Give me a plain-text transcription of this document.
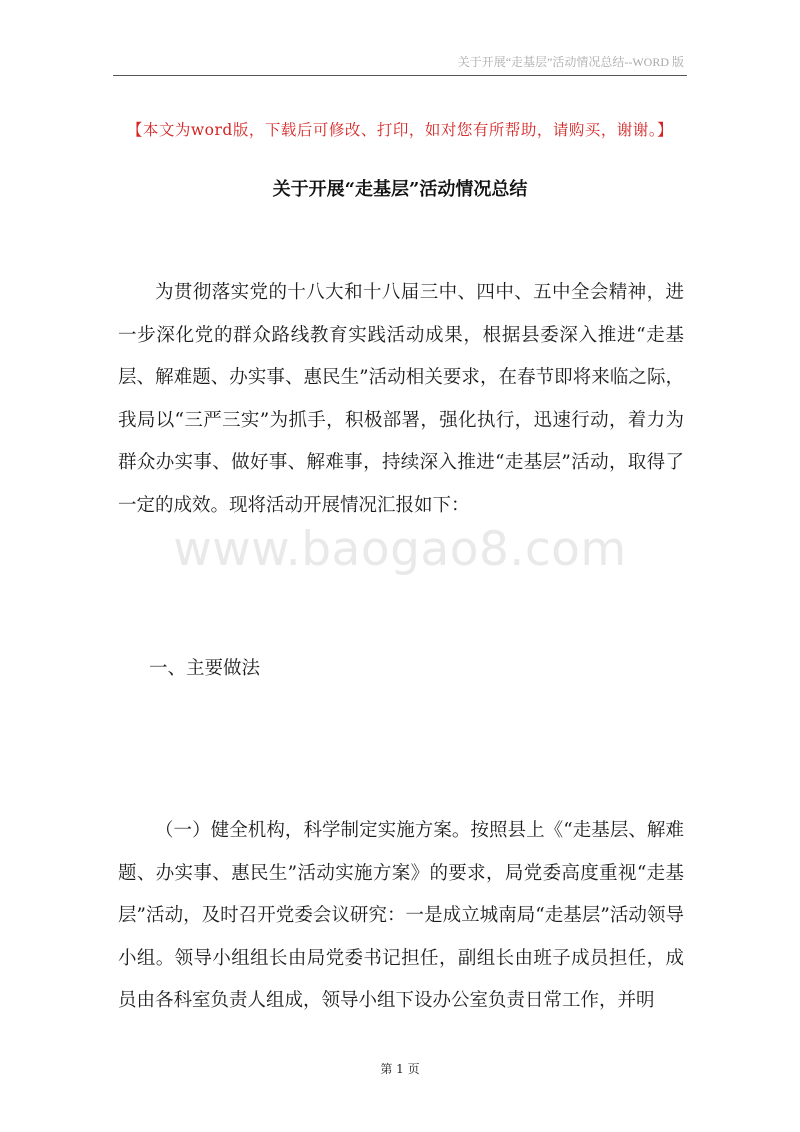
关于开展“走基层”活动情况总结--WORD 版
【本文为word版，下载后可修改、打印，如对您有所帮助，请购买，谢谢。】
关于开展“走基层”活动情况总结

为贯彻落实党的十八大和十八届三中、四中、五中全会精神，进一步深化党的群众路线教育实践活动成果，根据县委深入推进“走基层、解难题、办实事、惠民生”活动相关要求，在春节即将来临之际，我局以“三严三实”为抓手，积极部署，强化执行，迅速行动，着力为群众办实事、做好事、解难事，持续深入推进“走基层”活动，取得了一定的成效。现将活动开展情况汇报如下：

www.baogao8.com
一、主要做法

（一）健全机构，科学制定实施方案。按照县上《“走基层、解难题、办实事、惠民生”活动实施方案》的要求，局党委高度重视“走基层”活动，及时召开党委会议研究：一是成立城南局“走基层”活动领导小组。领导小组组长由局党委书记担任，副组长由班子成员担任，成员由各科室负责人组成，领导小组下设办公室负责日常工作，并明

第 1 页
